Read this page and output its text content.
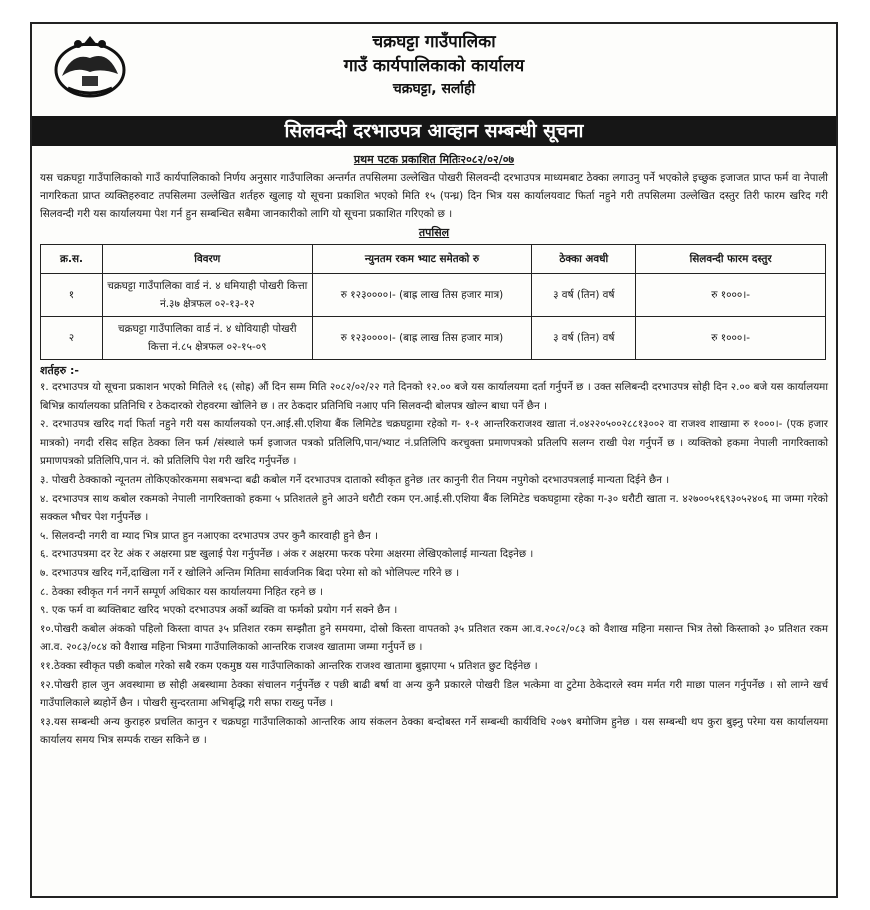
चक्रघट्टा गाउँपालिका
गाउँ कार्यपालिकाको कार्यालय
चक्रघट्टा, सर्लाही
सिलवन्दी दरभाउपत्र आव्हान सम्बन्धी सूचना
प्रथम पटक प्रकाशित मितिः२०८२/०२/०७
यस चक्रघट्टा गाउँपालिकाको गाउँ कार्यपालिकाको निर्णय अनुसार गाउँपालिका अन्तर्गत तपसिलमा उल्लेखित पोखरी सिलवन्दी दरभाउपत्र माध्यमबाट ठेक्का लगाउनु पर्ने भएकोले इच्छुक इजाजत प्राप्त फर्म वा नेपाली नागरिकता प्राप्त व्यक्तिहरुवाट तपसिलमा उल्लेखित शर्तहरु खुलाइ यो सूचना प्रकाशित भएको मिति १५ (पन्ध्र) दिन भित्र यस कार्यालयवाट फिर्ता नहुने गरी तपसिलमा उल्लेखित दस्तुर तिरी फारम खरिद गरी सिलवन्दी गरी यस कार्यालयमा पेश गर्न हुन सम्बन्धित सबैमा जानकारीको लागि यो सूचना प्रकाशित गरिएको छ ।
तपसिल
क्र.स.	विवरण	न्युनतम रकम भ्याट समेतको रु	ठेक्का अवधी	सिलवन्दी फारम दस्तुर
१	चक्रघट्टा गाउँपालिका वार्ड नं. ४ धमियाही पोखरी कित्ता नं.३७ क्षेत्रफल ०२-१३-१२	रु १२३००००।- (बाह्र लाख तिस हजार मात्र)	३ वर्ष (तिन) वर्ष	रु १०००।-
२	चक्रघट्टा गाउँपालिका वार्ड नं. ४ धोवियाही पोखरी कित्ता नं.८५ क्षेत्रफल ०२-१५-०९	रु १२३००००।- (बाह्र लाख तिस हजार मात्र)	३ वर्ष (तिन) वर्ष	रु १०००।-
शर्तहरु :-
१. दरभाउपत्र यो सूचना प्रकाशन भएको मितिले १६ (सोह्र) औं दिन सम्म मिति २०८२/०२/२२ गते दिनको १२.०० बजे यस कार्यालयमा दर्ता गर्नुपर्ने छ । उक्त सलिबन्दी दरभाउपत्र सोही दिन २.०० बजे यस कार्यालयमा बिभिन्न कार्यालयका प्रतिनिधि र ठेकदारको रोहवरमा खोलिने छ । तर ठेकदार प्रतिनिधि नआए पनि सिलवन्दी बोलपत्र खोल्न बाधा पर्ने छैन ।
२. दरभाउपत्र खरिद गर्दा फिर्ता नहुने गरी यस कार्यालयको एन.आई.सी.एशिया बैंक लिमिटेड चक्रघट्टामा रहेको ग- १-१ आन्तरिकराजश्व खाता नं.०४२२०५००२८८१३००२ वा राजश्व शाखामा रु १०००।- (एक हजार मात्रको) नगदी रसिद सहित ठेक्का लिन फर्म /संस्थाले फर्म इजाजत पत्रको प्रतिलिपि,पान/भ्याट नं.प्रतिलिपि करचुक्ता प्रमाणपत्रको प्रतिलपि सलग्न राखी पेश गर्नुपर्ने छ । व्यक्तिको हकमा नेपाली नागरिक्ताको प्रमाणपत्रको प्रतिलिपि,पान नं. को प्रतिलिपि पेश गरी खरिद गर्नुपर्नेछ ।
३. पोखरी ठेक्काको न्यूनतम तोकिएकोरकममा सबभन्दा बढी कबोल गर्ने दरभाउपत्र दाताको स्वीकृत हुनेछ ।तर कानुनी रीत नियम नपुगेको दरभाउपत्रलाई मान्यता दिईने छैन ।
४. दरभाउपत्र साथ कबोल रकमको नेपाली नागरिक्ताको हकमा ५ प्रतिशतले हुने आउने धरौटी रकम एन.आई.सी.एशिया बैंक लिमिटेड चकघट्टामा रहेका ग-३० धरौटी खाता न. ४२७००५१६९३०५२४०६ मा जम्मा गरेको सक्कल भौचर पेश गर्नुपर्नेछ ।
५. सिलवन्दी नगरी वा म्याद भित्र प्राप्त हुन नआएका दरभाउपत्र उपर कुनै कारवाही हुने छैन ।
६. दरभाउपत्रमा दर रेट अंक र अक्षरमा प्रष्ट खुलाई पेश गर्नुपर्नेछ । अंक र अक्षरमा फरक परेमा अक्षरमा लेखिएकोलाई मान्यता दिइनेछ ।
७. दरभाउपत्र खरिद गर्ने,दाखिला गर्ने र खोलिने अन्तिम मितिमा सार्वजनिक बिदा परेमा सो को भोलिपल्ट गरिने छ ।
८. ठेक्का स्वीकृत गर्न नगर्ने सम्पूर्ण अधिकार यस कार्यालयमा निहित रहने छ ।
९. एक फर्म वा ब्यक्तिबाट खरिद भएको दरभाउपत्र अर्को ब्यक्ति वा फर्मको प्रयोग गर्न सक्ने छैन ।
१०.पोखरी कबोल अंकको पहिलो किस्ता वापत ३५ प्रतिशत रकम सम्झौता हुने समयमा, दोस्रो किस्ता वापतको ३५ प्रतिशत रकम आ.व.२०८२/०८३ को वैशाख महिना मसान्त भित्र तेस्रो किस्ताको ३० प्रतिशत रकम आ.व. २०८३/०८४ को वैशाख महिना भित्रमा गाउँपालिकाको आन्तरिक राजश्व खातामा जम्मा गर्नुपर्ने छ ।
११.ठेक्का स्वीकृत पछी कबोल गरेको सबै रकम एकमुष्ठ यस गाउँपालिकाको आन्तरिक राजश्व खातामा बुझाएमा ५ प्रतिशत छुट दिईनेछ ।
१२.पोखरी हाल जुन अवस्थामा छ सोही अबस्थामा ठेक्का संचालन गर्नुपर्नेछ र पछी बाढी बर्षा वा अन्य कुनै प्रकारले पोखरी डिल भत्केमा वा टुटेमा ठेकेदारले स्वम मर्मत गरी माछा पालन गर्नुपर्नेछ । सो लाग्ने खर्च गाउँपालिकाले ब्यहोर्ने छैन । पोखरी सुन्दरतामा अभिबृद्धि गरी सफा राख्नु पर्नेछ ।
१३.यस सम्बन्धी अन्य कुराहरु प्रचलित कानुन र चक्रघट्टा गाउँपालिकाको आन्तरिक आय संकलन ठेक्का बन्दोबस्त गर्ने सम्बन्धी कार्यविधि २०७९ बमोजिम हुनेछ । यस सम्बन्धी थप कुरा बुझ्नु परेमा यस कार्यालयमा कार्यालय समय भित्र सम्पर्क राख्न सकिने छ ।
